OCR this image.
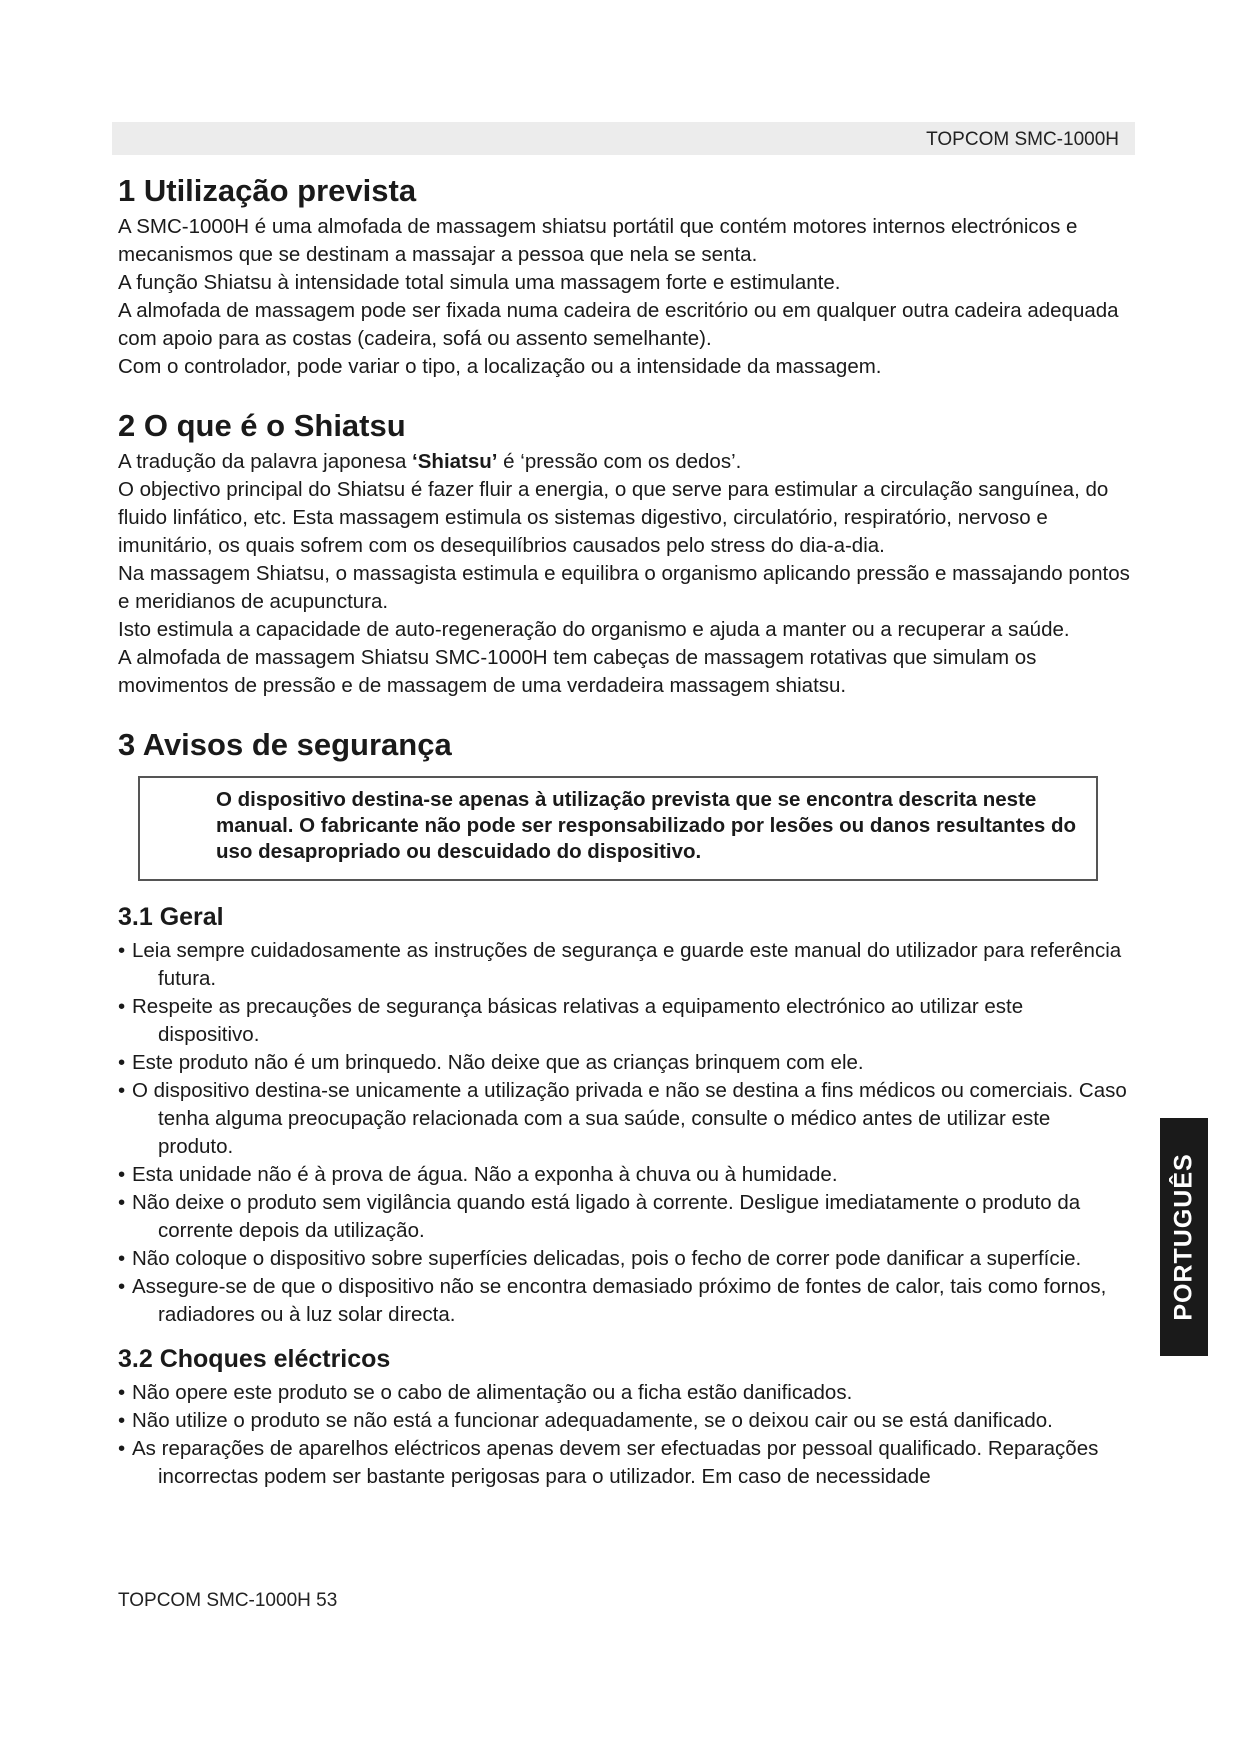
TOPCOM SMC-1000H
1 Utilização prevista

A SMC-1000H é uma almofada de massagem shiatsu portátil que contém motores internos electrónicos e mecanismos que se destinam a massajar a pessoa que nela se senta.

A função Shiatsu à intensidade total simula uma massagem forte e estimulante.

A almofada de massagem pode ser fixada numa cadeira de escritório ou em qualquer outra cadeira adequada com apoio para as costas (cadeira, sofá ou assento semelhante).

Com o controlador, pode variar o tipo, a localização ou a intensidade da massagem.

2 O que é o Shiatsu

A tradução da palavra japonesa ‘Shiatsu’ é ‘pressão com os dedos’.

O objectivo principal do Shiatsu é fazer fluir a energia, o que serve para estimular a circulação sanguínea, do fluido linfático, etc. Esta massagem estimula os sistemas digestivo, circulatório, respiratório, nervoso e imunitário, os quais sofrem com os desequilíbrios causados pelo stress do dia-a-dia.

Na massagem Shiatsu, o massagista estimula e equilibra o organismo aplicando pressão e massajando pontos e meridianos de acupunctura.

Isto estimula a capacidade de auto-regeneração do organismo e ajuda a manter ou a recuperar a saúde.

A almofada de massagem Shiatsu SMC-1000H tem cabeças de massagem rotativas que simulam os movimentos de pressão e de massagem de uma verdadeira massagem shiatsu.

3 Avisos de segurança
O dispositivo destina-se apenas à utilização prevista que se encontra descrita neste manual. O fabricante não pode ser responsabilizado por lesões ou danos resultantes do uso desapropriado ou descuidado do dispositivo.
3.1 Geral
• Leia sempre cuidadosamente as instruções de segurança e guarde este manual do utilizador para referência futura.
• Respeite as precauções de segurança básicas relativas a equipamento electrónico ao utilizar este dispositivo.
• Este produto não é um brinquedo. Não deixe que as crianças brinquem com ele.
• O dispositivo destina-se unicamente a utilização privada e não se destina a fins médicos ou comerciais. Caso tenha alguma preocupação relacionada com a sua saúde, consulte o médico antes de utilizar este produto.
• Esta unidade não é à prova de água. Não a exponha à chuva ou à humidade.
• Não deixe o produto sem vigilância quando está ligado à corrente. Desligue imediatamente o produto da corrente depois da utilização.
• Não coloque o dispositivo sobre superfícies delicadas, pois o fecho de correr pode danificar a superfície.
• Assegure-se de que o dispositivo não se encontra demasiado próximo de fontes de calor, tais como fornos, radiadores ou à luz solar directa.
3.2 Choques eléctricos
• Não opere este produto se o cabo de alimentação ou a ficha estão danificados.
• Não utilize o produto se não está a funcionar adequadamente, se o deixou cair ou se está danificado.
• As reparações de aparelhos eléctricos apenas devem ser efectuadas por pessoal qualificado. Reparações incorrectas podem ser bastante perigosas para o utilizador. Em caso de necessidade
TOPCOM SMC-1000H 53
PORTUGUÊS
